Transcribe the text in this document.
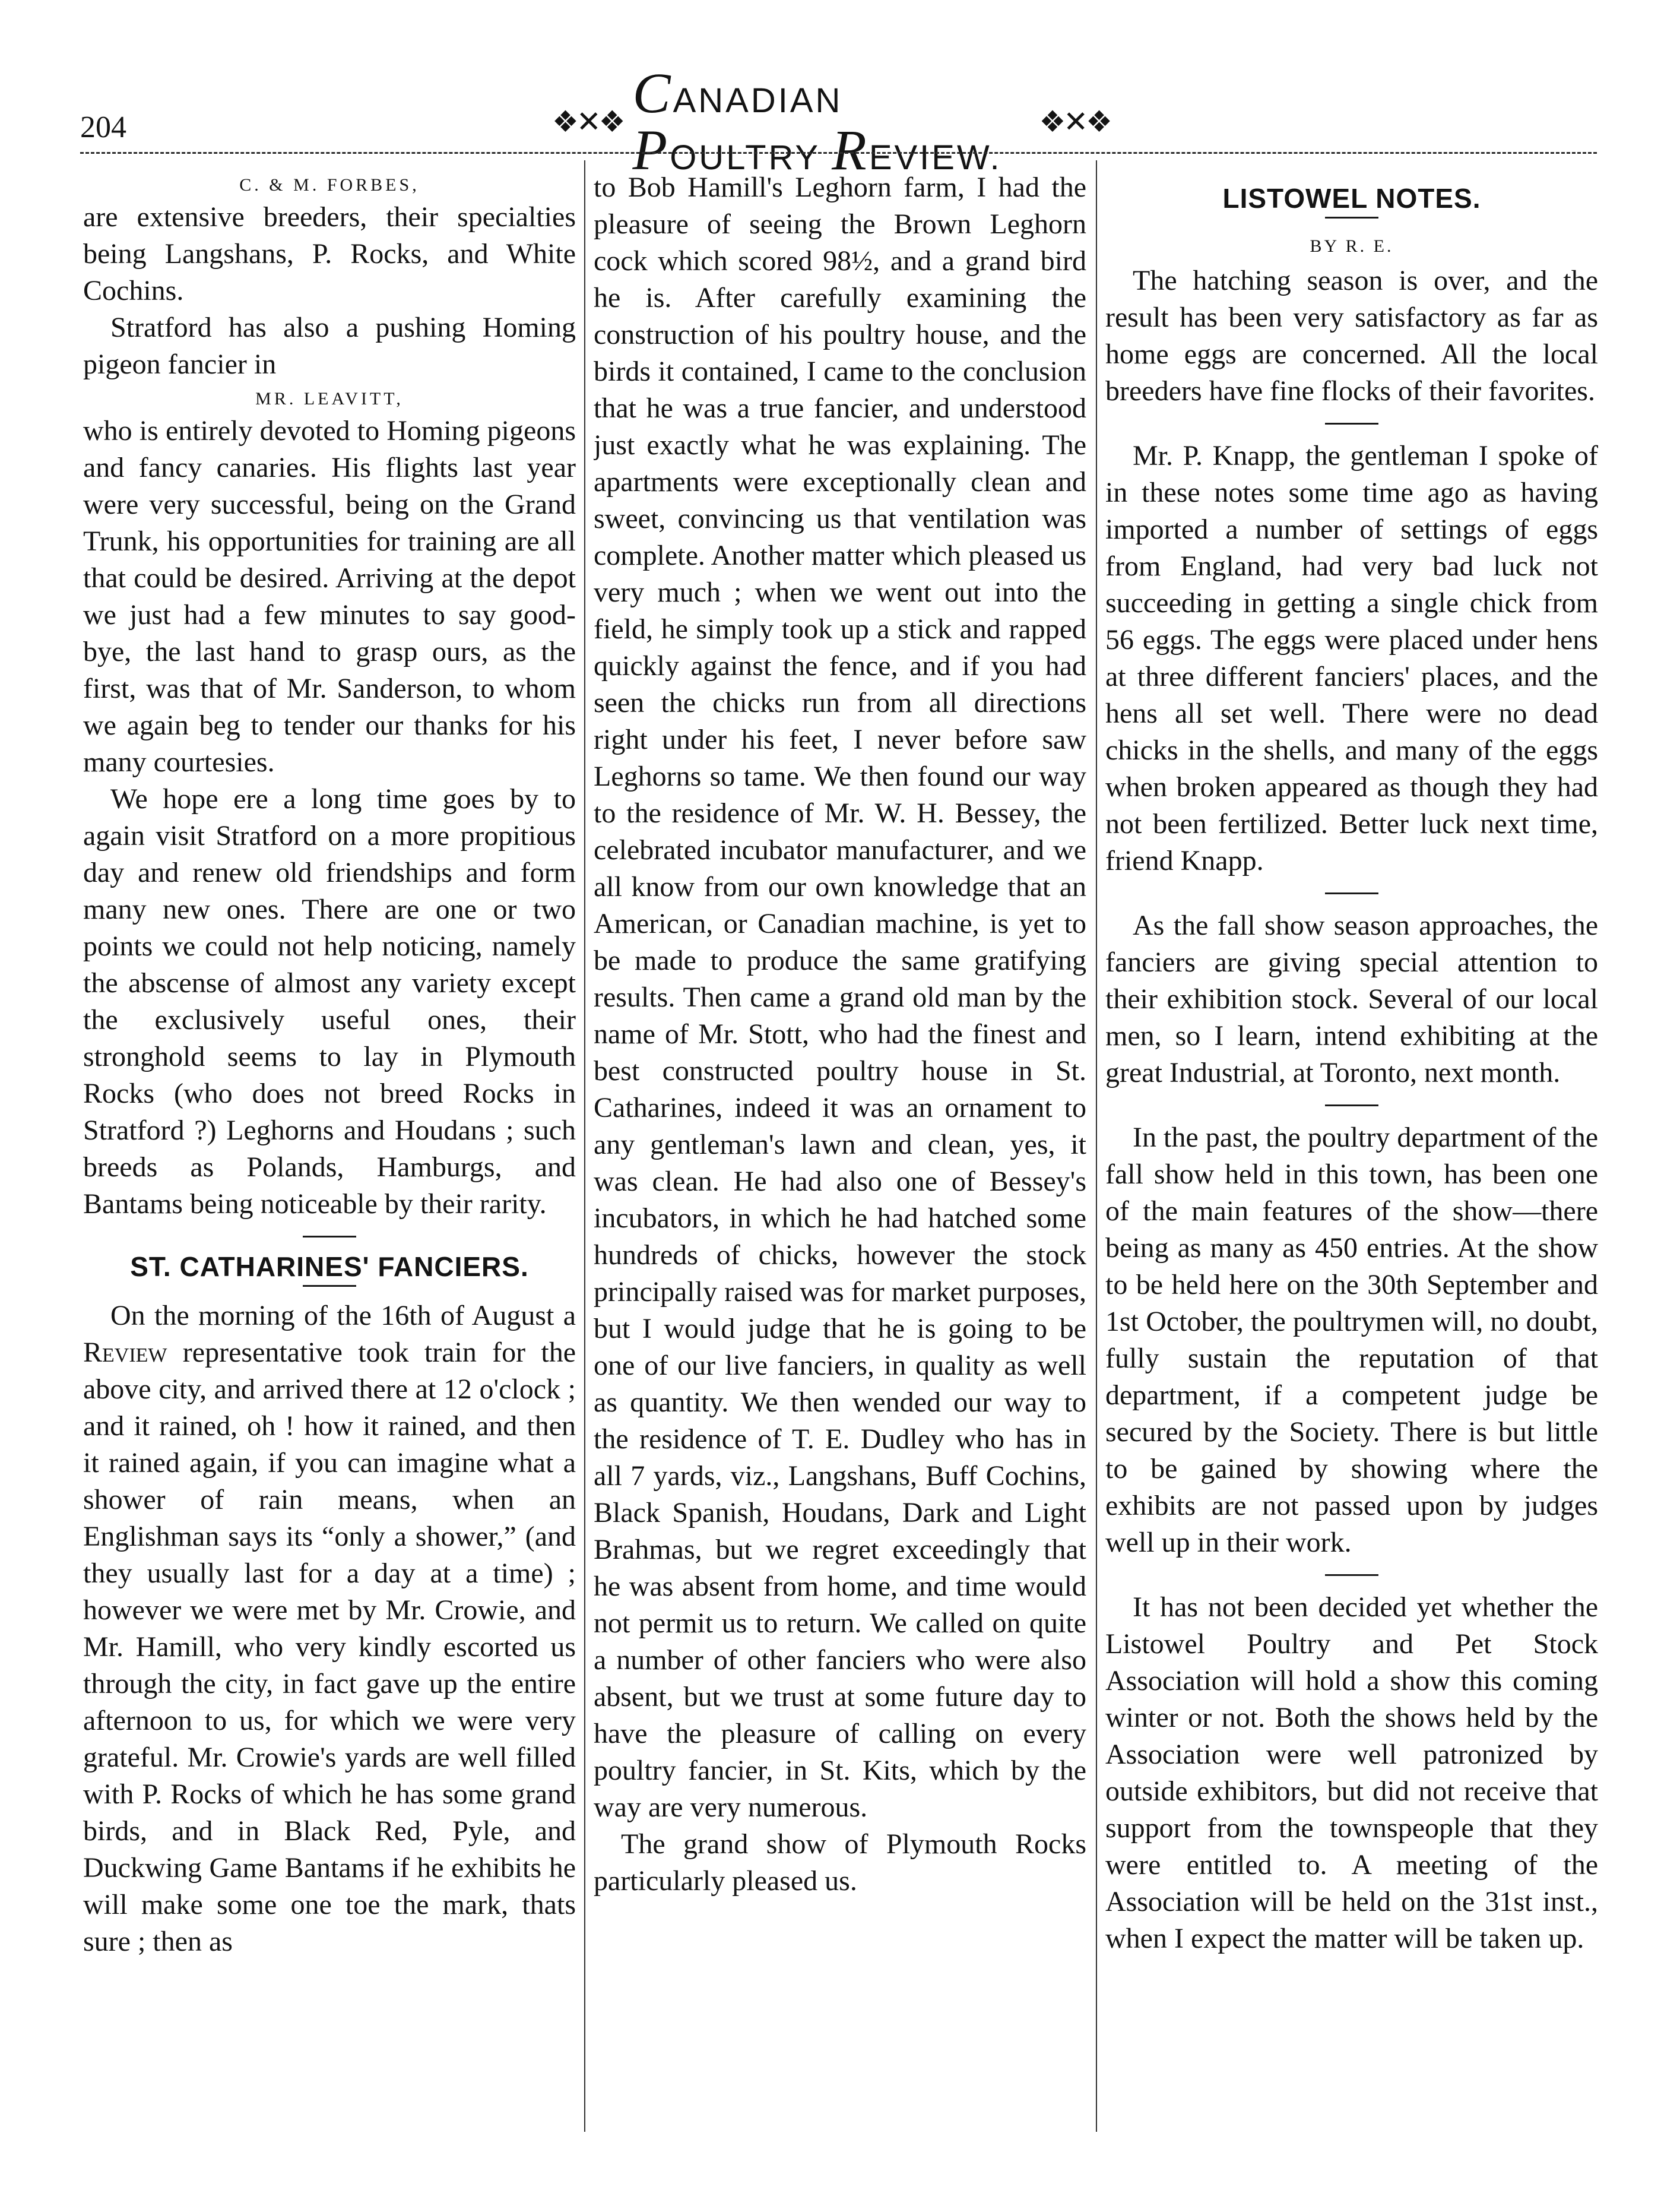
204	❖✕❖ CANADIAN POULTRY REVIEW.
❖✕❖
C. & M. FORBES,

are extensive breeders, their specialties being Langshans, P. Rocks, and White Cochins.

Stratford has also a pushing Homing pigeon fancier in

MR. LEAVITT,

who is entirely devoted to Homing pigeons and fancy canaries. His flights last year were very successful, being on the Grand Trunk, his opportunities for training are all that could be desired. Arriving at the depot we just had a few minutes to say good-bye, the last hand to grasp ours, as the first, was that of Mr. Sanderson, to whom we again beg to tender our thanks for his many courtesies.

We hope ere a long time goes by to again visit Stratford on a more propitious day and renew old friendships and form many new ones. There are one or two points we could not help noticing, namely the abscense of almost any variety except the exclusively useful ones, their stronghold seems to lay in Plymouth Rocks (who does not breed Rocks in Stratford ?) Leghorns and Houdans ; such breeds as Polands, Hamburgs, and Bantams being noticeable by their rarity.

ST. CATHARINES' FANCIERS.

On the morning of the 16th of August a Review representative took train for the above city, and arrived there at 12 o'clock ; and it rained, oh ! how it rained, and then it rained again, if you can imagine what a shower of rain means, when an Englishman says its “only a shower,” (and they usually last for a day at a time) ; however we were met by Mr. Crowie, and Mr. Hamill, who very kindly escorted us through the city, in fact gave up the entire afternoon to us, for which we were very grateful. Mr. Crowie's yards are well filled with P. Rocks of which he has some grand birds, and in Black Red, Pyle, and Duckwing Game Bantams if he exhibits he will make some one toe the mark, thats sure ; then as

to Bob Hamill's Leghorn farm, I had the pleasure of seeing the Brown Leghorn cock which scored 98½, and a grand bird he is. After carefully examining the construction of his poultry house, and the birds it contained, I came to the conclusion that he was a true fancier, and understood just exactly what he was explaining. The apartments were exceptionally clean and sweet, convincing us that ventilation was complete. Another matter which pleased us very much ; when we went out into the field, he simply took up a stick and rapped quickly against the fence, and if you had seen the chicks run from all directions right under his feet, I never before saw Leghorns so tame. We then found our way to the residence of Mr. W. H. Bessey, the celebrated incubator manufacturer, and we all know from our own knowledge that an American, or Canadian machine, is yet to be made to produce the same gratifying results. Then came a grand old man by the name of Mr. Stott, who had the finest and best constructed poultry house in St. Catharines, indeed it was an ornament to any gentleman's lawn and clean, yes, it was clean. He had also one of Bessey's incubators, in which he had hatched some hundreds of chicks, however the stock principally raised was for market purposes, but I would judge that he is going to be one of our live fanciers, in quality as well as quantity. We then wended our way to the residence of T. E. Dudley who has in all 7 yards, viz., Langshans, Buff Cochins, Black Spanish, Houdans, Dark and Light Brahmas, but we regret exceedingly that he was absent from home, and time would not permit us to return. We called on quite a number of other fanciers who were also absent, but we trust at some future day to have the pleasure of calling on every poultry fancier, in St. Kits, which by the way are very numerous.

The grand show of Plymouth Rocks particularly pleased us.

LISTOWEL NOTES.
BY R. E.

The hatching season is over, and the result has been very satisfactory as far as home eggs are concerned. All the local breeders have fine flocks of their favorites.

Mr. P. Knapp, the gentleman I spoke of in these notes some time ago as having imported a number of settings of eggs from England, had very bad luck not succeeding in getting a single chick from 56 eggs. The eggs were placed under hens at three different fanciers' places, and the hens all set well. There were no dead chicks in the shells, and many of the eggs when broken appeared as though they had not been fertilized. Better luck next time, friend Knapp.

As the fall show season approaches, the fanciers are giving special attention to their exhibition stock. Several of our local men, so I learn, intend exhibiting at the great Industrial, at Toronto, next month.

In the past, the poultry department of the fall show held in this town, has been one of the main features of the show—there being as many as 450 entries. At the show to be held here on the 30th September and 1st October, the poultrymen will, no doubt, fully sustain the reputation of that department, if a competent judge be secured by the Society. There is but little to be gained by showing where the exhibits are not passed upon by judges well up in their work.

It has not been decided yet whether the Listowel Poultry and Pet Stock Association will hold a show this coming winter or not. Both the shows held by the Association were well patronized by outside exhibitors, but did not receive that support from the townspeople that they were entitled to. A meeting of the Association will be held on the 31st inst., when I expect the matter will be taken up.
